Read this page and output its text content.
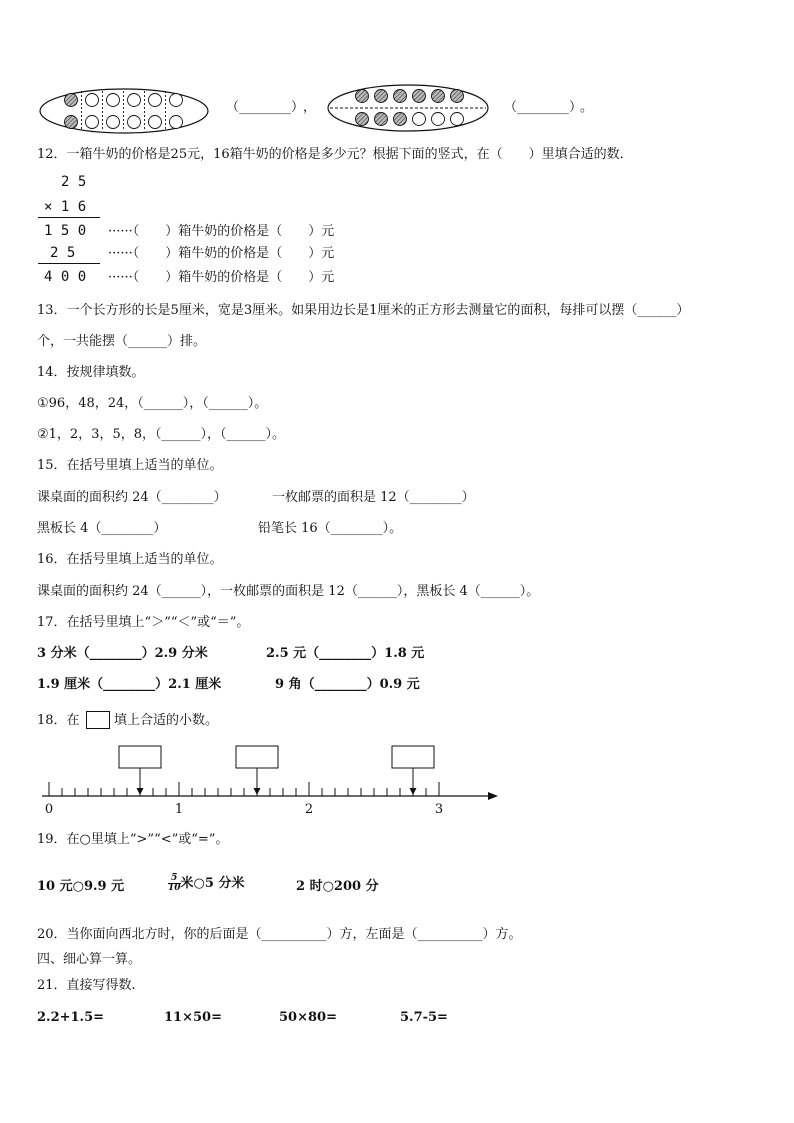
（________）
，	（________）
。
12．一箱牛奶的价格是25元，16箱牛奶的价格是多少元？根据下面的竖式，在（　　）里填合适的数．
2 5
× 1 6
1 5 0 ······（　　）箱牛奶的价格是（　　）元
2 5	······（　　）箱牛奶的价格是（　　）元
4 0 0 ······（　　）箱牛奶的价格是（　　）元
13．一个长方形的长是5厘米，宽是3厘米。如果用边长是1厘米的正方形去测量它的面积，每排可以摆（______）
个，一共能摆（______）排。
14．按规律填数。
①96，48，24，（______），（______）。
②1，2，3，5，8，（______），（______）。
15．在括号里填上适当的单位。
课桌面的面积约 24（________）	一枚邮票的面积是 12（________）
黑板长 4（________）	铅笔长 16（________）。
16．在括号里填上适当的单位。
课桌面的面积约 24（______），一枚邮票的面积是 12（______），黑板长 4（______）。
17．在括号里填上“＞”“＜”或“＝”。
3 分米（________）2.9 分米	2.5 元（________）1.8 元
1.9 厘米（________）2.1 厘米	9 角（________）0.9 元
18．在	填上合适的小数。
0	1	2	3
19．在○里填上“>”“<”或“=”。
10 元○9.9 元	$\frac{5}{10}$ 米○5 分米	2 时○200 分
20．当你面向西北方时，你的后面是（__________）方，左面是（__________）方。
四、细心算一算。
21．直接写得数.
2.2+1.5=	11×50=	50×80=	5.7-5=
